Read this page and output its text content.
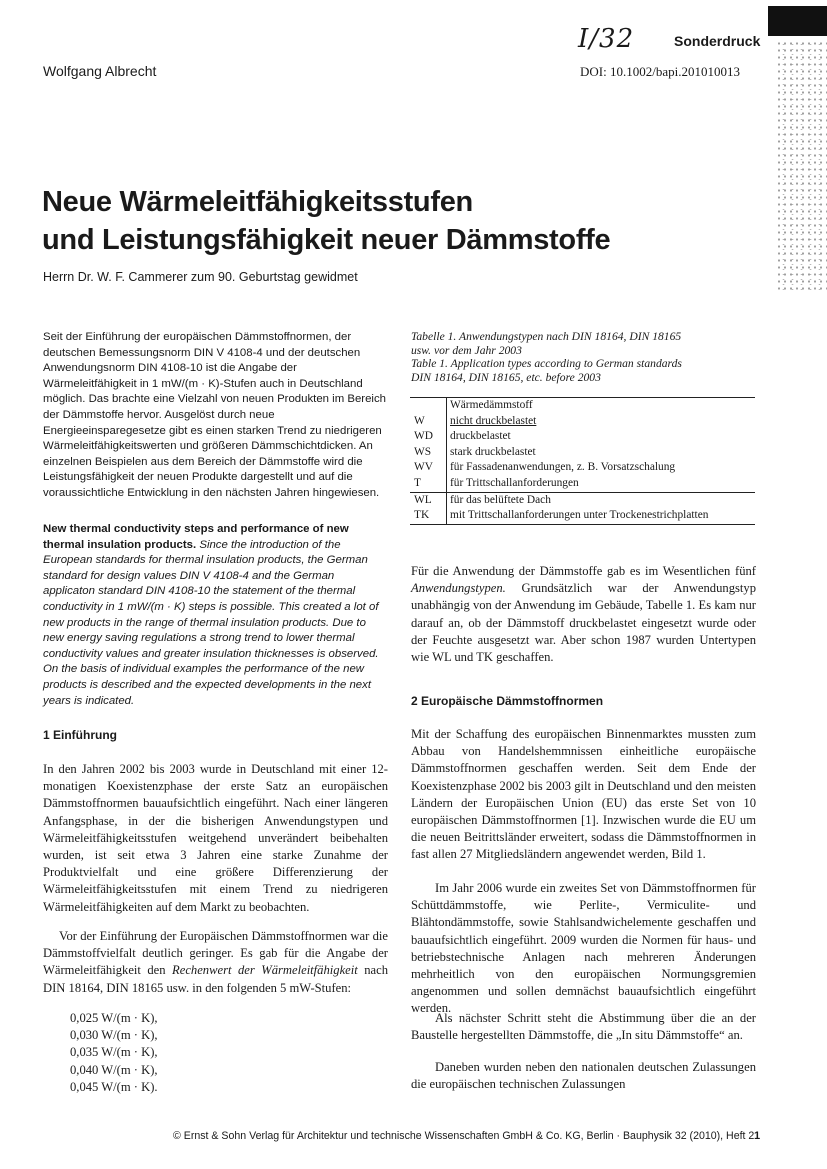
I/32	Sonderdruck
Wolfgang Albrecht	DOI: 10.1002/bapi.201010013
Neue Wärmeleitfähigkeitsstufen
und Leistungsfähigkeit neuer Dämmstoffe
Herrn Dr. W. F. Cammerer zum 90. Geburtstag gewidmet

Seit der Einführung der europäischen Dämmstoffnormen, der deutschen Bemessungsnorm DIN V 4108-4 und der deutschen Anwendungsnorm DIN 4108-10 ist die Angabe der Wärmeleitfähigkeit in 1 mW/(m · K)-Stufen auch in Deutschland möglich. Das brachte eine Vielzahl von neuen Produkten im Bereich der Dämmstoffe hervor. Ausgelöst durch neue Energieeinsparegesetze gibt es einen starken Trend zu niedrigeren Wärmeleitfähigkeitswerten und größeren Dämmschichtdicken. An einzelnen Beispielen aus dem Bereich der Dämmstoffe wird die Leistungsfähigkeit der neuen Produkte dargestellt und auf die voraussichtliche Entwicklung in den nächsten Jahren hingewiesen.

New thermal conductivity steps and performance of new thermal insulation products. Since the introduction of the European standards for thermal insulation products, the German standard for design values DIN V 4108-4 and the German applicaton standard DIN 4108-10 the statement of the thermal conductivity in 1 mW/(m · K) steps is possible. This created a lot of new products in the range of thermal insulation products. Due to new energy saving regulations a strong trend to lower thermal conductivity values and greater insulation thicknesses is observed. On the basis of individual examples the performance of the new products is described and the expected developments in the next years is indicated.

1 Einführung

In den Jahren 2002 bis 2003 wurde in Deutschland mit einer 12-monatigen Koexistenzphase der erste Satz an europäischen Dämmstoffnormen bauaufsichtlich eingeführt. Nach einer längeren Anfangsphase, in der die bisherigen Anwendungstypen und Wärmeleitfähigkeitsstufen weitgehend unverändert beibehalten wurden, ist seit etwa 3 Jahren eine starke Zunahme der Produktvielfalt und eine größere Differenzierung der Wärmeleitfähigkeitsstufen mit einem Trend zu niedrigeren Wärmeleitfähigkeiten auf dem Markt zu beobachten.

Vor der Einführung der Europäischen Dämmstoffnormen war die Dämmstoffvielfalt deutlich geringer. Es gab für die Angabe der Wärmeleitfähigkeit den Rechenwert der Wärmeleitfähigkeit nach DIN 18164, DIN 18165 usw. in den folgenden 5 mW-Stufen:

0,025 W/(m · K),
0,030 W/(m · K),
0,035 W/(m · K),
0,040 W/(m · K),
0,045 W/(m · K).
Tabelle 1. Anwendungstypen nach DIN 18164, DIN 18165
usw. vor dem Jahr 2003
Table 1. Application types according to German standards
DIN 18164, DIN 18165, etc. before 2003
	Wärmedämmstoff
W	nicht druckbelastet
WD	druckbelastet
WS	stark druckbelastet
WV	für Fassadenanwendungen, z. B. Vorsatzschalung
T	für Trittschallanforderungen
WL	für das belüftete Dach
TK	mit Trittschallanforderungen unter Trockenestrichplatten

Für die Anwendung der Dämmstoffe gab es im Wesentlichen fünf Anwendungstypen. Grundsätzlich war der Anwendungstyp unabhängig von der Anwendung im Gebäude, Tabelle 1. Es kam nur darauf an, ob der Dämmstoff druckbelastet eingesetzt wurde oder der Feuchte ausgesetzt war. Aber schon 1987 wurden Untertypen wie WL und TK geschaffen.

2 Europäische Dämmstoffnormen

Mit der Schaffung des europäischen Binnenmarktes mussten zum Abbau von Handelshemmnissen einheitliche europäische Dämmstoffnormen geschaffen werden. Seit dem Ende der Koexistenzphase 2002 bis 2003 gilt in Deutschland und den meisten Ländern der Europäischen Union (EU) das erste Set von 10 europäischen Dämmstoffnormen [1]. Inzwischen wurde die EU um die neuen Beitrittsländer erweitert, sodass die Dämmstoffnormen in fast allen 27 Mitgliedsländern angewendet werden, Bild 1.

Im Jahr 2006 wurde ein zweites Set von Dämmstoffnormen für Schüttdämmstoffe, wie Perlite-, Vermiculite- und Blähtondämmstoffe, sowie Stahlsandwichelemente geschaffen und bauaufsichtlich eingeführt. 2009 wurden die Normen für haus- und betriebstechnische Anlagen nach mehreren Änderungen mehrheitlich von den europäischen Normungsgremien angenommen und sollen demnächst bauaufsichtlich eingeführt werden.

Als nächster Schritt steht die Abstimmung über die an der Baustelle hergestellten Dämmstoffe, die „In situ Dämmstoffe“ an.

Daneben wurden neben den nationalen deutschen Zulassungen die europäischen technischen Zulassungen

© Ernst & Sohn Verlag für Architektur und technische Wissenschaften GmbH & Co. KG, Berlin · Bauphysik 32 (2010), Heft 2 1
